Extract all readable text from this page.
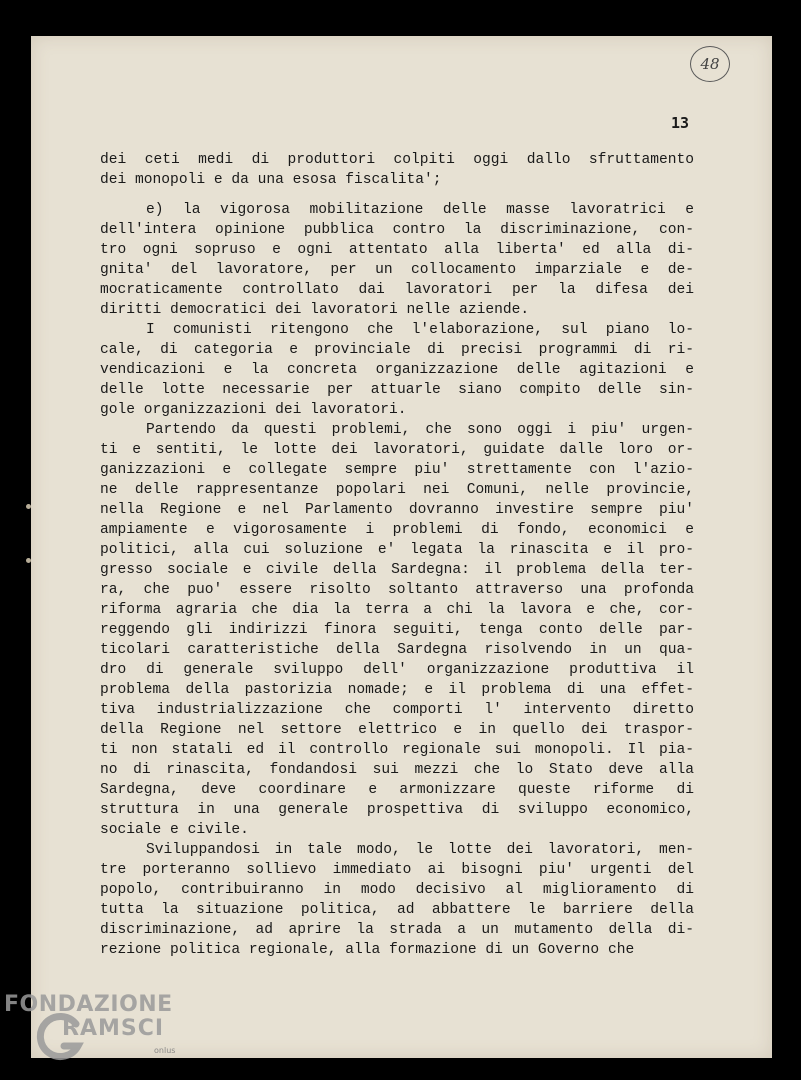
48
13
dei ceti medi di produttori colpiti oggi dallo sfruttamento
dei monopoli e da una esosa fiscalita';
e) la vigorosa mobilitazione delle masse lavoratrici e
dell'intera opinione pubblica contro la discriminazione, con-
tro ogni sopruso e ogni attentato alla liberta' ed alla di-
gnita' del lavoratore, per un collocamento imparziale e de-
mocraticamente controllato dai lavoratori per la difesa dei
diritti democratici dei lavoratori nelle aziende.
I comunisti ritengono che l'elaborazione, sul piano lo-
cale, di categoria e provinciale di precisi programmi di ri-
vendicazioni e la concreta organizzazione delle agitazioni e
delle lotte necessarie per attuarle siano compito delle sin-
gole organizzazioni dei lavoratori.
Partendo da questi problemi, che sono oggi i piu' urgen-
ti e sentiti, le lotte dei lavoratori, guidate dalle loro or-
ganizzazioni e collegate sempre piu' strettamente con l'azio-
ne delle rappresentanze popolari nei Comuni, nelle provincie,
nella Regione e nel Parlamento dovranno investire sempre piu'
ampiamente e vigorosamente i problemi di fondo, economici e
politici, alla cui soluzione e' legata la rinascita e il pro-
gresso sociale e civile della Sardegna: il problema della ter-
ra, che puo' essere risolto soltanto attraverso una profonda
riforma agraria che dia la terra a chi la lavora e che, cor-
reggendo gli indirizzi finora seguiti, tenga conto delle par-
ticolari caratteristiche della Sardegna risolvendo in un qua-
dro di generale sviluppo dell' organizzazione produttiva il
problema della pastorizia nomade; e il problema di una effet-
tiva industrializzazione che comporti l' intervento diretto
della Regione nel settore elettrico e in quello dei traspor-
ti non statali ed il controllo regionale sui monopoli. Il pia-
no di rinascita, fondandosi sui mezzi che lo Stato deve alla
Sardegna, deve coordinare e armonizzare queste riforme di
struttura in una generale prospettiva di sviluppo economico,
sociale e civile.
Sviluppandosi in tale modo, le lotte dei lavoratori, men-
tre porteranno sollievo immediato ai bisogni piu' urgenti del
popolo, contribuiranno in modo decisivo al miglioramento di
tutta la situazione politica, ad abbattere le barriere della
discriminazione, ad aprire la strada a un mutamento della di-
rezione politica regionale, alla formazione di un Governo che
FONDAZIONE
RAMSCI
onlus
